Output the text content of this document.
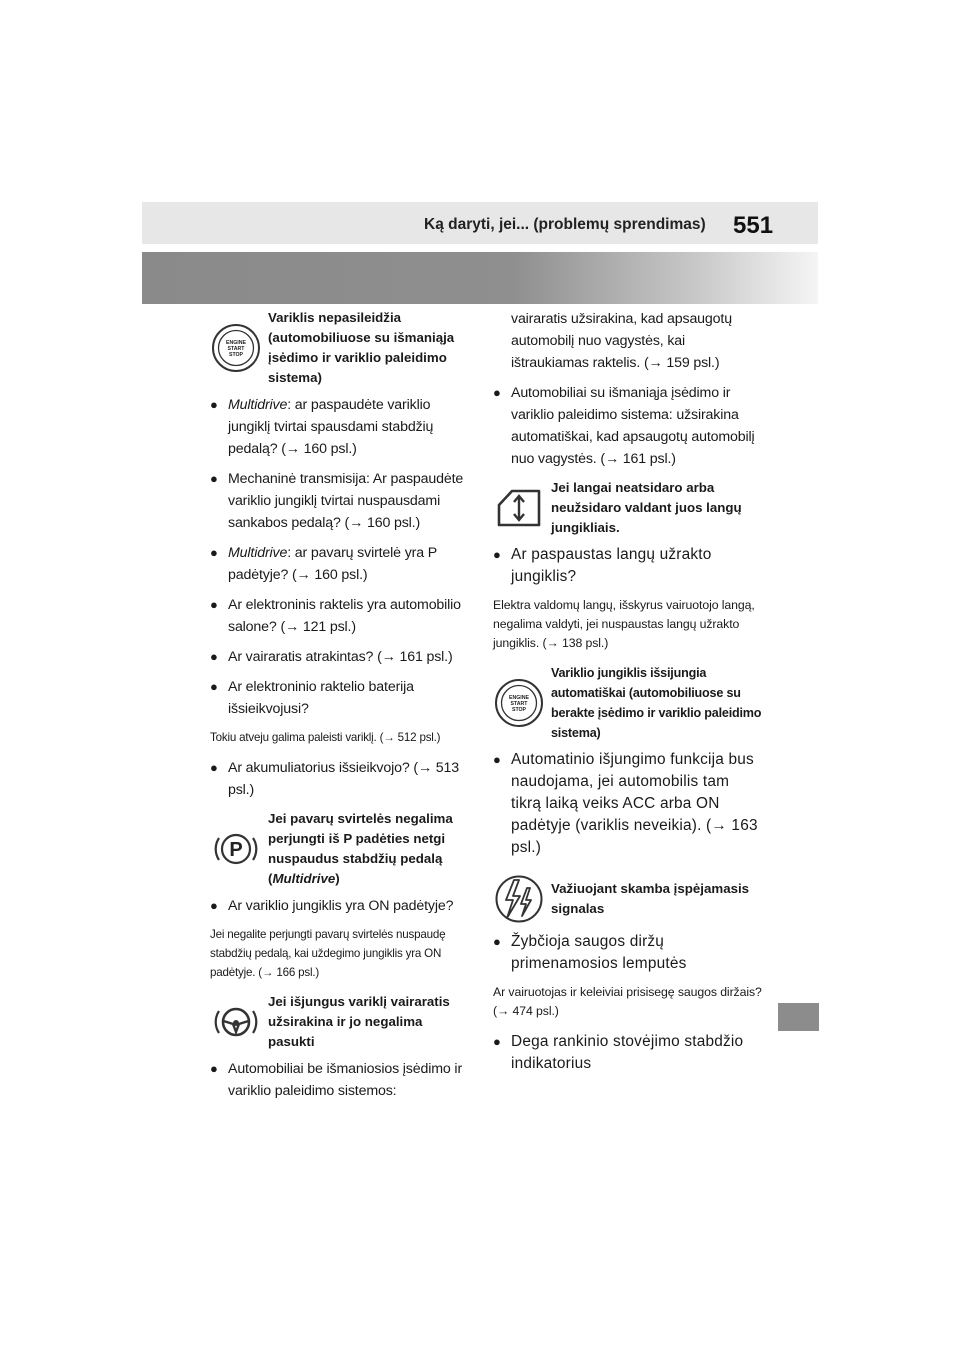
Ką daryti, jei... (problemų sprendimas) 551
ENGINE
START
STOP
Variklis nepasileidžia (automobiliuose su išmaniąja įsėdimo ir variklio paleidimo sistema)
● Multidrive: ar paspaudėte variklio jungiklį tvirtai spausdami stabdžių pedalą? (→ 160 psl.)
● Mechaninė transmisija: Ar paspaudėte variklio jungiklį tvirtai nuspausdami sankabos pedalą? (→ 160 psl.)
● Multidrive: ar pavarų svirtelė yra P padėtyje? (→ 160 psl.)
● Ar elektroninis raktelis yra automobilio salone? (→ 121 psl.)
● Ar vairaratis atrakintas? (→ 161 psl.)
● Ar elektroninio raktelio baterija išsieikvojusi?
Tokiu atveju galima paleisti variklį. (→ 512 psl.)
● Ar akumuliatorius išsieikvojo? (→ 513 psl.)
P
Jei pavarų svirtelės negalima perjungti iš P padėties netgi nuspaudus stabdžių pedalą (Multidrive)
● Ar variklio jungiklis yra ON padėtyje?
Jei negalite perjungti pavarų svirtelės nuspaudę stabdžių pedalą, kai uždegimo jungiklis yra ON padėtyje. (→ 166 psl.)
Jei išjungus variklį vairaratis užsirakina ir jo negalima pasukti
● Automobiliai be išmaniosios įsėdimo ir variklio paleidimo sistemos:
vairaratis užsirakina, kad apsaugotų automobilį nuo vagystės, kai ištraukiamas raktelis. (→ 159 psl.)
● Automobiliai su išmaniąja įsėdimo ir variklio paleidimo sistema: užsirakina automatiškai, kad apsaugotų automobilį nuo vagystės. (→ 161 psl.)
Jei langai neatsidaro arba neužsidaro valdant juos langų jungikliais.
● Ar paspaustas langų užrakto jungiklis?
Elektra valdomų langų, išskyrus vairuotojo langą, negalima valdyti, jei nuspaustas langų užrakto jungiklis. (→ 138 psl.)
ENGINE
START
STOP
Variklio jungiklis išsijungia automatiškai (automobiliuose su berakte įsėdimo ir variklio paleidimo sistema)
● Automatinio išjungimo funkcija bus naudojama, jei automobilis tam tikrą laiką veiks ACC arba ON padėtyje (variklis neveikia). (→ 163 psl.)
Važiuojant skamba įspėjamasis signalas
● Žybčioja saugos diržų primenamosios lemputės
Ar vairuotojas ir keleiviai prisisegę saugos diržais? (→ 474 psl.)
● Dega rankinio stovėjimo stabdžio indikatorius
